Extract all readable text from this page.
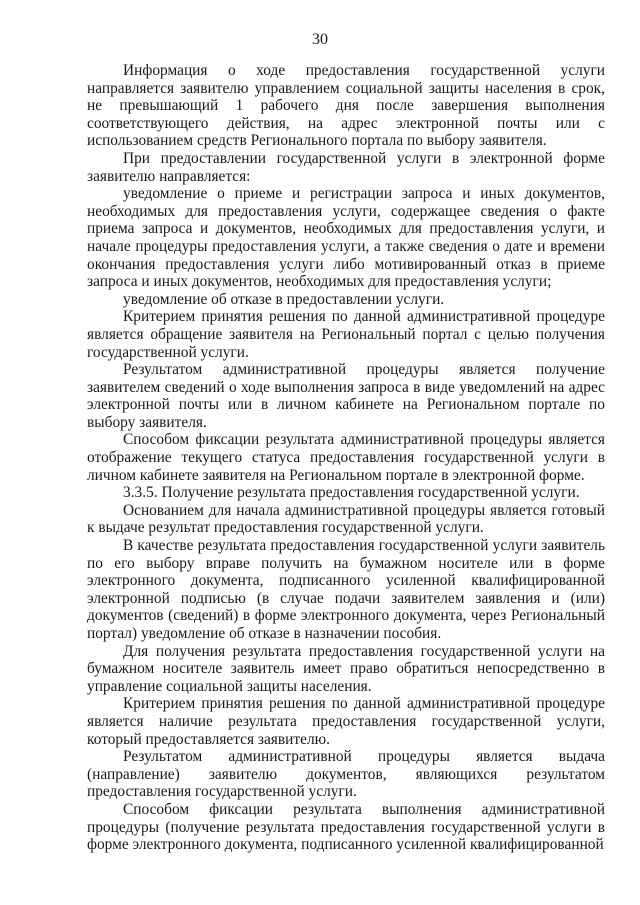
30

Информация о ходе предоставления государственной услуги направляется заявителю управлением социальной защиты населения в срок, не превышающий 1 рабочего дня после завершения выполнения соответствующего действия, на адрес электронной почты или с использованием средств Регионального портала по выбору заявителя.

При предоставлении государственной услуги в электронной форме заявителю направляется:

уведомление о приеме и регистрации запроса и иных документов, необходимых для предоставления услуги, содержащее сведения о факте приема запроса и документов, необходимых для предоставления услуги, и начале процедуры предоставления услуги, а также сведения о дате и времени окончания предоставления услуги либо мотивированный отказ в приеме запроса и иных документов, необходимых для предоставления услуги;

уведомление об отказе в предоставлении услуги.

Критерием принятия решения по данной административной процедуре является обращение заявителя на Региональный портал с целью получения государственной услуги.

Результатом административной процедуры является получение заявителем сведений о ходе выполнения запроса в виде уведомлений на адрес электронной почты или в личном кабинете на Региональном портале по выбору заявителя.

Способом фиксации результата административной процедуры является отображение текущего статуса предоставления государственной услуги в личном кабинете заявителя на Региональном портале в электронной форме.

3.3.5. Получение результата предоставления государственной услуги.

Основанием для начала административной процедуры является готовый к выдаче результат предоставления государственной услуги.

В качестве результата предоставления государственной услуги заявитель по его выбору вправе получить на бумажном носителе или в форме электронного документа, подписанного усиленной квалифицированной электронной подписью (в случае подачи заявителем заявления и (или) документов (сведений) в форме электронного документа, через Региональный портал) уведомление об отказе в назначении пособия.

Для получения результата предоставления государственной услуги на бумажном носителе заявитель имеет право обратиться непосредственно в управление социальной защиты населения.

Критерием принятия решения по данной административной процедуре является наличие результата предоставления государственной услуги, который предоставляется заявителю.

Результатом административной процедуры является выдача (направление) заявителю документов, являющихся результатом предоставления государственной услуги.

Способом фиксации результата выполнения административной процедуры (получение результата предоставления государственной услуги в форме электронного документа, подписанного усиленной квалифицированной
